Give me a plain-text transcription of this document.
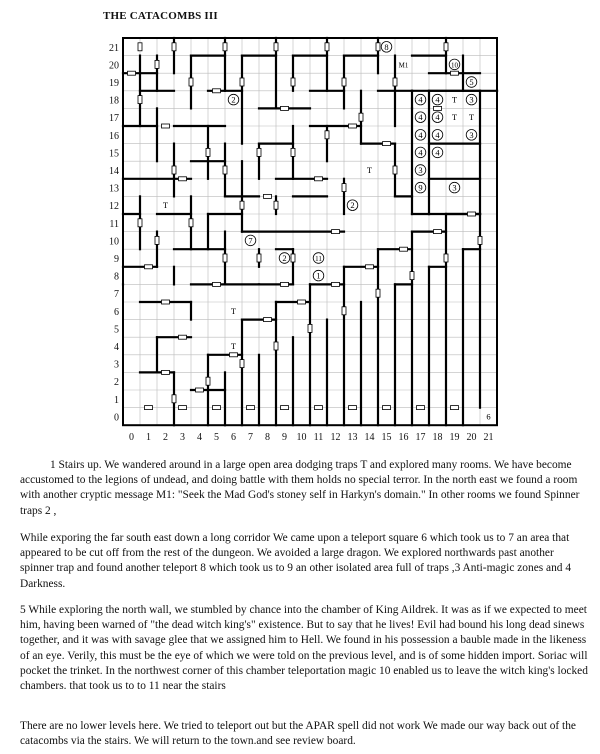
THE CATACOMBS III
21
20
19
18
17
16
15
14
13
12
11
10
9
8
7
6
5
4
3
2
1
0
0 1 2 3 4 5 6 7 8 9 10 11 12 13 14 15 16 17 18 19 20 21
8
M1	10
5
2	4 4 T 3
4 4 T T
4 4	3
4 4
T	3
9	3
T	2
7
2	11
1
T
T
6
1 Stairs up. We wandered around in a large open area dodging traps T and explored many rooms. We have become accustomed to the legions of undead, and doing battle with them holds no special terror. In the north east we found a room with another cryptic message M1: "Seek the Mad God's stoney self in Harkyn's domain." In other rooms we found Spinner traps 2 ,
While exporing the far south east down a long corridor We came upon a teleport square 6 which took us to 7 an area that appeared to be cut off from the rest of the dungeon. We avoided a large dragon. We explored northwards past another spinner trap and found another teleport 8 which took us to 9 an other isolated area full of traps ,3 Anti-magic zones and 4 Darkness.
5 While exploring the north wall, we stumbled by chance into the chamber of King Aildrek. It was as if we expected to meet him, having been warned of "the dead witch king's" existence. But to say that he lives! Evil had bound his long dead sinews together, and it was with savage glee that we assigned him to Hell. We found in his possession a bauble made in the likeness of an eye. Verily, this must be the eye of which we were told on the previous level, and is of some hidden import. Soriac will pocket the trinket. In the northwest corner of this chamber teleportation magic 10 enabled us to leave the witch king's locked chambers. that took us to to 11 near the stairs
There are no lower levels here. We tried to teleport out but the APAR spell did not work We made our way back out of the catacombs via the stairs. We will return to the town.and see review board.
